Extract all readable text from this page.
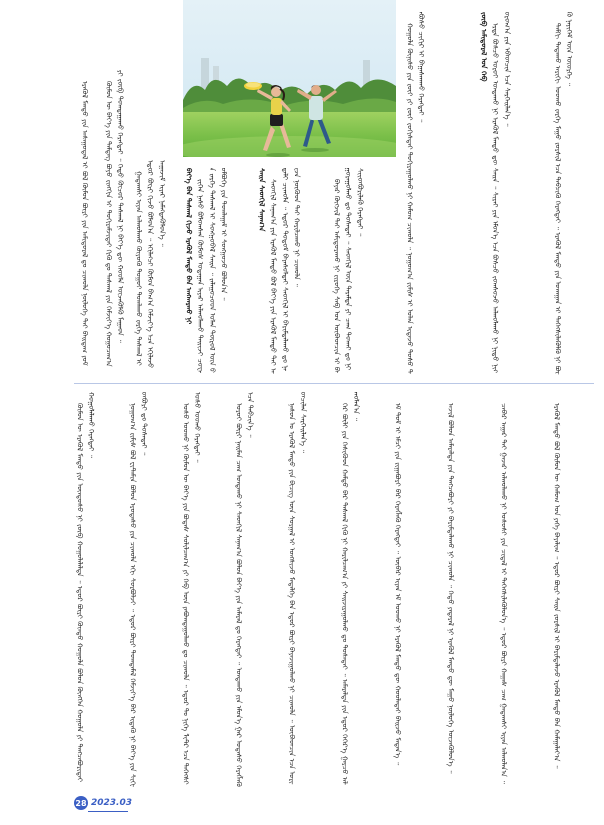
ᠡᠷᠡᠬᠦᠯ ᠮᠡᠨᠳᠦ ᠶᠢᠨ ᠠᠰᠠᠭᠤᠳᠠᠯ ᠢ ᠪᠤᠯ ᠬᠦᠮᠦᠨ ᠪᠦᠷᠢ ᠶᠢᠨ ᠠᠮᠢᠳᠤᠷᠠᠯ ᠳᠤ ᠴᠢᠬᠤᠯᠠ ᠨᠦᠯᠦᠭᠡ ᠲᠡᠢ ᠪᠠᠢᠳᠠᠭ ᠶᠤᠮ	ᠬᠦᠮᠦᠨ ᠦ ᠪᠡᠶ᠎ᠡ ᠶᠢᠨ ᠲᠡᠮᠳᠡᠭ ᠪᠤᠶᠤ ᠵᠢᠩᠬᠢᠨ ᠢ ᠲᠤᠬᠢᠷᠠᠮᠵᠢᠲᠠᠢ ᠬᠢᠬᠦ ᠳᠤ ᠳᠠᠰᠬᠠᠯ ᠶᠢᠨ ᠬᠡᠮᠵᠢᠶ᠎ᠡ ᠬᠤᠭᠤᠴᠠᠭ᠎ᠠ ᠶᠢ ᠵᠥᠪ ᠲᠣᠭᠲᠠᠭᠠᠬᠤ ᠬᠡᠷᠡᠭᠲᠡᠢ ᠃ ᠬᠡᠲᠦ ᠬᠦᠴᠦᠷ ᠳᠠᠰᠬᠠᠯ ᠨᠢ ᠪᠡᠶ᠎ᠡ ᠳᠦ ᠬᠣᠣᠯᠠ ᠦᠵᠡᠭᠦᠯᠬᠦ ᠮᠠᠭᠠᠳ ᠃ ᠭᠠᠳᠠᠭᠰᠢ ᠢᠶᠠᠨ ᠠᠯᠬᠤᠯᠠᠬᠤ ᠭᠦᠶᠦᠬᠦ ᠳᠤᠭᠤᠢ ᠲᠣᠭᠯᠠᠬᠤ ᠵᠡᠷᠭᠡ ᠳᠠᠰᠬᠠᠯ ᠢ ᠡᠳᠦᠷ ᠪᠦᠷᠢ ᠬᠢᠵᠦ ᠪᠣᠯᠣᠨ᠎ᠠ ᠃ ᠡᠬᠢᠯᠡᠭᠴᠢ ᠬᠦᠮᠦᠨ ᠪᠠᠭ᠎ᠠ ᠬᠡᠮᠵᠢᠶ᠎ᠡ ᠡᠴᠡ ᠡᠬᠢᠯᠡᠵᠦ ᠠᠭᠠᠵᠢᠮ ᠢᠶᠠᠷ ᠨᠡᠮᠡᠭᠳᠡᠭᠦᠯᠦᠨ᠎ᠡ ᠃ ᠪᠡᠶ᠎ᠡ ᠪᠠᠨ ᠳᠠᠰᠬᠠᠯ ᠬᠢᠵᠤ ᠡᠷᠡᠬᠦᠯ ᠮᠡᠨᠳᠦ ᠪᠡᠨ ᠠᠩᠬᠠᠷᠬᠤ ᠨᠢ ᠵᠢᠬᠡᠨ ᠨᠠᠰᠤ ᠪᠣᠯᠣᠭᠰᠠᠨ ᠬᠦᠮᠦᠰ ᠤᠳᠠᠭᠠᠨ ᠢᠶᠠᠷ ᠠᠯᠬᠤᠯᠠᠬᠤ ᠲᠠᠢᠢᠵᠢ ᠴᠤᠸᠠᠨ ᠵᠡᠷᠭᠡ ᠳᠠᠰᠬᠠᠯ ᠢ ᠰᠣᠩᠭᠣᠪᠠᠯ ᠰᠠᠢᠨ ᠃ ᠵᠠᠯᠠᠭᠤᠴᠤᠳ ᠣᠯᠠᠨ ᠲᠥᠷᠥᠯ ᠦᠨ ᠪᠥᠮᠪᠥᠭᠡ ᠶᠢᠨ ᠲᠣᠭᠯᠠᠭᠠᠮ ᠢ ᠰᠣᠩᠭᠣᠵᠤ ᠪᠣᠯᠣᠨ᠎ᠠ ᠃	ᠰᠠᠢᠨ ᠰᠡᠳᠬᠢᠯ ᠰᠠᠨᠠᠭ᠎ᠠ ᠰᠡᠳᠬᠢᠯ ᠰᠠᠨᠠᠭ᠎ᠠ ᠶᠢᠨ ᠡᠷᠡᠬᠦᠯ ᠮᠡᠨᠳᠦ ᠪᠣᠯ ᠪᠡᠶ᠎ᠡ ᠶᠢᠨ ᠡᠷᠡᠬᠦᠯ ᠮᠡᠨᠳᠦ ᠲᠡᠢ ᠠᠳᠠᠯᠢ ᠴᠢᠬᠤᠯᠠ ᠃ ᠡᠳᠦᠷ ᠲᠤᠲᠤᠮ ᠪᠠᠶᠠᠰᠤᠯᠲᠠᠢ ᠰᠡᠳᠬᠢᠯ ᠢ ᠪᠠᠷᠢᠮᠲᠠᠯᠠᠬᠤ ᠳᠤ ᠨᠠᠢᠵᠠ ᠨᠥᠬᠥᠳ ᠲᠡᠢ ᠬᠠᠷᠢᠯᠴᠠᠬᠤ ᠨᠢ ᠴᠢᠬᠤᠯᠠ ᠃	ᠪᠠᠶᠠᠷ ᠬᠥᠭᠵᠢᠯ ᠲᠡᠢ ᠠᠮᠢᠳᠤᠷᠠᠬᠤ ᠨᠢ ᠵᠢᠷᠦᠬᠡ ᠰᠠᠪ ᠤᠨ ᠦᠪᠡᠳᠴᠢᠨ ᠢ ᠪᠠᠭᠤᠷᠠᠭᠤᠯᠬᠤ ᠳᠤ ᠲᠤᠰᠠᠲᠠᠢ ᠃ ᠰᠡᠳᠬᠢᠯ ᠦᠨ ᠳᠠᠷᠠᠮᠲᠠ ᠶᠢ ᠴᠠᠭ ᠲᠤᠬᠠᠢ ᠳᠤ ᠨᠢ ᠰᠢᠢᠳᠪᠦᠷᠢᠯᠡᠬᠦ ᠬᠡᠷᠡᠭᠲᠡᠢ ᠃	ᠬᠣᠭᠣᠯᠠ ᠬᠦᠨᠢᠰᠦ ᠶᠢᠨ ᠵᠦᠢ ᠶᠢ ᠵᠦᠢ ᠵᠣᠬᠢᠰᠲᠠᠢ ᠲᠣᠬᠢᠷᠠᠭᠤᠯᠬᠤ ᠨᠢ ᠬᠠᠮᠤᠭ ᠴᠢᠬᠤᠯᠠ ᠃ ᠨᠣᠭᠣᠭ᠎ᠠ ᠵᠢᠮᠢᠰ ᠢ ᠣᠯᠠᠨ ᠢᠳᠡᠵᠦ ᠲᠣᠰᠤ ᠳᠠᠪᠤᠰᠤ ᠴᠢᠬᠢᠷ ᠢ ᠪᠠᠭᠠᠰᠭᠠᠬᠤ ᠬᠡᠷᠡᠭᠲᠡᠢ ᠃	ᠵᠥᠪ ᠠᠮᠢᠳᠤᠷᠠᠯ ᠤᠨ ᠬᠡᠪ ᠡᠷᠲᠡ ᠪᠣᠰᠴᠤ ᠣᠷᠣᠢ ᠤᠨᠲᠠᠬᠤ ᠨᠢ ᠡᠷᠡᠬᠦᠯ ᠮᠡᠨᠳᠦ ᠳᠦ ᠰᠠᠢᠨ ᠃ ᠰᠢᠷᠠᠢ ᠶᠢᠨ ᠡᠮᠦᠨ᠎ᠡ ᠡᠴᠡ ᠪᠣᠰᠴᠤ ᠵᠣᠭᠰᠤᠵᠤ ᠠᠯᠬᠤᠯᠠᠬᠤ ᠨᠢ ᠨᠢᠳᠦ ᠨᠢᠭᠤᠷᠤᠭ᠎ᠠ ᠶᠢᠨ ᠡᠪᠡᠳᠴᠢᠨ ᠡᠴᠡ ᠰᠡᠷᠭᠡᠢᠯᠡᠨ᠎ᠡ ᠃	ᠲᠠᠮᠬᠢ ᠲᠠᠲᠠᠬᠤ ᠠᠷᠢᠬᠢ ᠤᠤᠬᠤ ᠵᠡᠷᠭᠡ ᠮᠠᠭᠤ ᠵᠤᠷᠰᠢᠯ ᠡᠴᠡ ᠲᠡᠪᠴᠢᠬᠦ ᠬᠡᠷᠡᠭᠲᠡᠢ ᠃ ᠡᠷᠡᠬᠦᠯ ᠮᠡᠨᠳᠦ ᠶᠢᠨ ᠤᠬᠠᠭᠠᠨ ᠢ ᠳᠡᠭᠡᠭᠰᠢᠯᠡᠭᠦᠯᠬᠦ ᠨᠢ ᠪᠦᠬᠦ ᠨᠡᠶᠢᠭᠡᠮ ᠦᠨ ᠦᠦᠷᠭᠡ ᠃

ᠬᠦᠮᠦᠨ ᠦ ᠡᠷᠡᠬᠦᠯ ᠮᠡᠨᠳᠦ ᠶᠢᠨ ᠦᠨᠳᠦᠰᠦ ᠨᠢ ᠵᠥᠪ ᠬᠣᠭᠣᠯᠠᠯᠠᠯᠲᠠ ᠃ ᠡᠳᠦᠷ ᠪᠦᠷᠢ ᠬᠦᠨᠳᠦ ᠬᠣᠭᠣᠯᠠ ᠪᠣᠯᠣᠨ ᠬᠥᠩᠭᠡᠨ ᠬᠣᠭᠣᠯᠠ ᠶᠢ ᠲᠡᠩᠴᠡᠪᠦᠷᠢᠲᠡᠢ ᠬᠣᠭᠣᠯᠠᠯᠠᠬᠤ ᠬᠡᠷᠡᠭᠲᠡᠢ ᠃	ᠨᠣᠭᠣᠭ᠎ᠠ ᠵᠢᠮᠢᠰ ᠪᠣᠯ ᠸᠢᠲ᠋ᠠᠮᠢᠨ ᠪᠣᠯᠣᠨ ᠡᠷᠦᠳᠡᠰᠦ ᠶᠢᠨ ᠴᠢᠬᠤᠯᠠ ᠡᠬᠢ ᠰᠤᠷᠪᠤᠯᠵᠢ ᠃ ᠡᠳᠦᠷ ᠪᠦᠷᠢ ᠲᠣᠭᠲᠠᠮᠠᠯ ᠬᠡᠮᠵᠢᠶ᠎ᠡ ᠪᠡᠷ ᠢᠳᠡᠬᠦ ᠨᠢ ᠪᠡᠶ᠎ᠡ ᠶᠢᠨ ᠰᠢᠭᠢᠳᠪᠦᠷᠢ ᠳᠤ ᠲᠤᠰᠠᠲᠠᠢ ᠃	ᠤᠰᠤ ᠤᠤᠬᠤ ᠨᠢ ᠬᠦᠮᠦᠨ ᠦ ᠪᠡᠶ᠎ᠡ ᠶᠢᠨ ᠪᠣᠳᠠᠰ ᠰᠣᠯᠢᠯᠴᠠᠭ᠎ᠠ ᠶᠢ ᠬᠡᠪ ᠦᠨ ᠶᠠᠪᠤᠭᠳᠠᠭᠤᠯᠬᠤ ᠳᠤ ᠴᠢᠬᠤᠯᠠ ᠃ ᠡᠳᠦᠷ ᠲᠤ ᠨᠢᠭᠡ ᠯᠢᠲ᠋ᠷ ᠡᠴᠡ ᠳᠡᠭᠡᠭᠰᠢ ᠤᠰᠤ ᠤᠤᠬᠤ ᠬᠡᠷᠡᠭᠲᠡᠢ ᠃	ᠣᠷᠣᠢ ᠪᠦᠷᠢ ᠨᠠᠢᠮᠠᠨ ᠴᠠᠭ ᠤᠨᠲᠠᠬᠤ ᠨᠢ ᠰᠡᠳᠬᠢᠯ ᠰᠠᠨᠠᠭ᠎ᠠ ᠪᠣᠯᠣᠨ ᠪᠡᠶ᠎ᠡ ᠶᠢᠨ ᠠᠮᠠᠷᠠᠯ ᠳᠤ ᠬᠡᠷᠡᠭᠲᠡᠢ ᠃ ᠤᠨᠲᠠᠬᠤ ᠶᠢᠨ ᠡᠮᠦᠨ᠎ᠡ ᠭᠠᠷ ᠤᠲᠠᠰᠤ ᠬᠡᠷᠡᠭᠯᠡᠬᠦ ᠡᠴᠡ ᠲᠡᠪᠴᠢᠨ᠎ᠡ ᠃	ᠨᠠᠰᠤᠨ ᠤ ᠡᠷᠡᠬᠦᠯ ᠮᠡᠨᠳᠦ ᠶᠢᠨ ᠪᠢᠴᠢᠭ ᠦᠨ ᠰᠤᠷᠭᠠᠯ ᠢ ᠤᠩᠰᠢᠵᠤ ᠮᠡᠳᠡᠯᠭᠡ ᠪᠡᠨ ᠡᠳᠦᠷ ᠪᠦᠷᠢ ᠪᠠᠶᠠᠵᠢᠭᠤᠯᠬᠤ ᠨᠢ ᠴᠢᠬᠤᠯᠠ ᠃ ᠥᠪᠡᠳᠴᠢᠨ ᠡᠴᠡ ᠤᠷᠢᠳᠴᠢᠯᠠᠨ ᠰᠡᠷᠭᠡᠢᠯᠡᠨ᠎ᠡ ᠃	ᠭᠡᠷ ᠪᠦᠯᠢ ᠶᠢᠨ ᠭᠡᠰᠢᠭᠦᠳ ᠬᠠᠮᠲᠤ ᠪᠡᠷ ᠳᠠᠰᠬᠠᠯ ᠬᠢᠬᠦ ᠨᠢ ᠬᠠᠷᠢᠯᠴᠠᠭ᠎ᠠ ᠶᠢ ᠰᠠᠢᠵᠢᠷᠠᠭᠤᠯᠬᠤ ᠳᠤ ᠲᠤᠰᠠᠲᠠᠢ ᠃ ᠠᠮᠠᠷᠠᠯᠲᠠ ᠶᠢᠨ ᠡᠳᠦᠷ ᠬᠡᠭᠡᠷ᠎ᠡ ᠭᠠᠷᠴᠤ ᠠᠯᠬᠤᠯᠠᠨ᠎ᠠ ᠃	ᠡᠮ ᠳᠣᠮ ᠢ ᠡᠮᠴᠢ ᠶᠢᠨ ᠵᠢᠭᠠᠪᠤᠷᠢ ᠪᠡᠷ ᠬᠡᠷᠡᠭᠯᠡᠬᠦ ᠬᠡᠷᠡᠭᠲᠡᠢ ᠃ ᠥᠪᠡᠷ ᠢᠶᠡᠨ ᠡᠮ ᠤᠤᠬᠤ ᠨᠢ ᠡᠷᠡᠬᠦᠯ ᠮᠡᠨᠳᠦ ᠳᠦ ᠬᠣᠣᠯᠠᠲᠠᠢ ᠪᠠᠢᠵᠤ ᠮᠡᠳᠡᠨ᠎ᠡ ᠃	ᠠᠵᠢᠯ ᠪᠣᠯᠣᠨ ᠠᠮᠠᠷᠠᠯᠲᠠ ᠶᠢᠨ ᠲᠡᠩᠴᠡᠪᠦᠷᠢ ᠶᠢ ᠪᠠᠷᠢᠮᠲᠠᠯᠠᠬᠤ ᠨᠢ ᠴᠢᠬᠤᠯᠠ ᠃ ᠬᠡᠲᠦ ᠶᠠᠳᠠᠷᠠᠯ ᠨᠢ ᠡᠷᠡᠬᠦᠯ ᠮᠡᠨᠳᠦ ᠳᠦ ᠮᠠᠭᠤ ᠨᠦᠯᠦᠭᠡ ᠦᠵᠡᠭᠦᠯᠦᠨ᠎ᠡ ᠃	ᠴᠡᠪᠡᠷ ᠠᠭᠠᠷ ᠲᠠᠢ ᠭᠠᠵᠠᠷ ᠠᠯᠬᠤᠯᠠᠬᠤ ᠨᠢ ᠤᠰᠤᠰᠢ ᠶᠢᠨ ᠴᠢᠳᠠᠯ ᠢ ᠳᠡᠭᠡᠭᠰᠢᠯᠡᠭᠦᠯᠦᠨ᠎ᠡ ᠃ ᠡᠳᠦᠷ ᠪᠦᠷᠢ ᠬᠠᠭᠠᠰ ᠴᠠᠭ ᠭᠠᠳᠠᠭᠰᠢ ᠢᠶᠠᠨ ᠠᠯᠬᠤᠯᠠᠨ᠎ᠠ ᠃	ᠡᠷᠡᠬᠦᠯ ᠮᠡᠨᠳᠦ ᠪᠣᠯ ᠬᠦᠮᠦᠨ ᠦ ᠬᠠᠮᠤᠭ ᠤᠨ ᠶᠡᠬᠡ ᠪᠠᠶᠠᠯᠢᠭ ᠃ ᠡᠳᠦᠷ ᠪᠦᠷᠢ ᠰᠠᠢᠨ ᠵᠤᠷᠰᠢᠯ ᠢ ᠪᠠᠷᠢᠮᠲᠠᠯᠠᠵᠤ ᠡᠷᠡᠬᠦᠯ ᠮᠡᠨᠳᠦ ᠪᠡᠨ ᠬᠠᠮᠠᠭᠠᠯᠠᠶ᠎ᠠ ᠃

28 2023.03
